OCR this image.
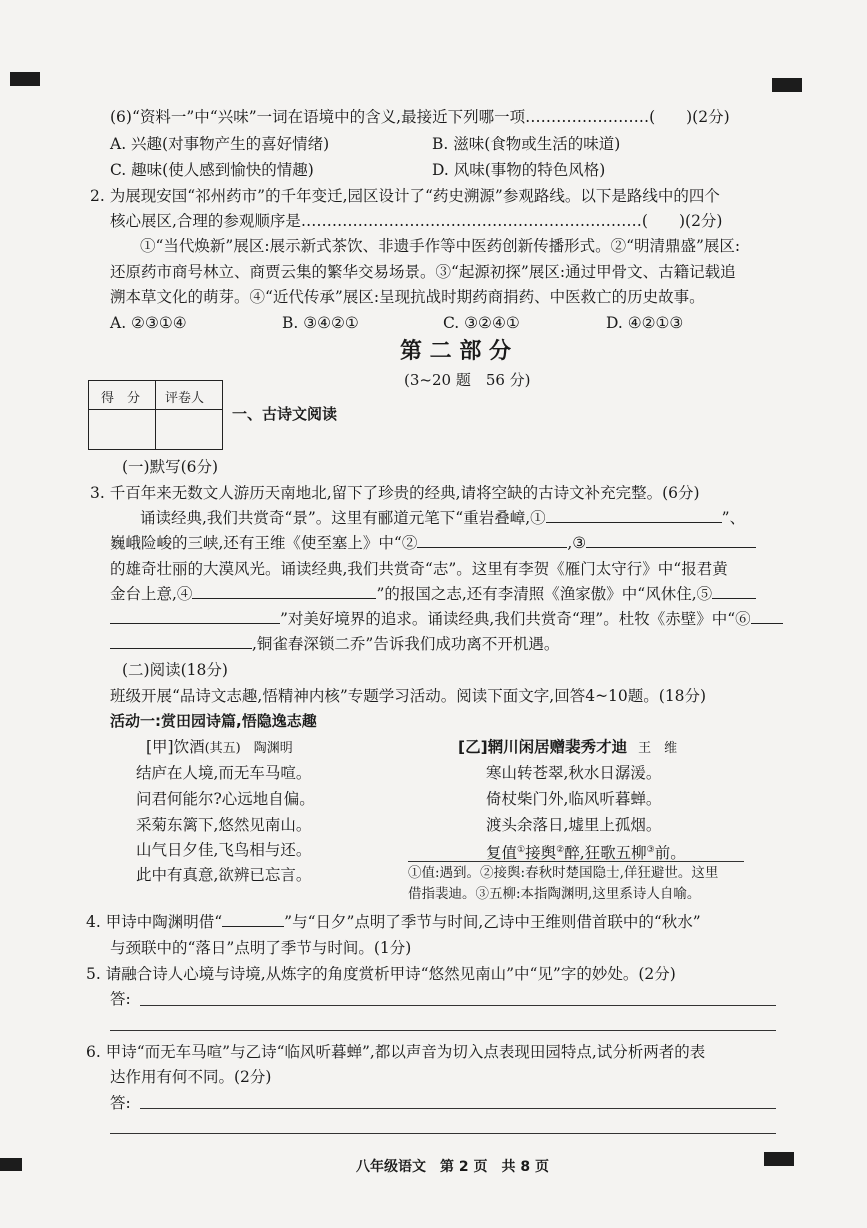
(6)“资料一”中“兴味”一词在语境中的含义,最接近下列哪一项……………………(　　)(2分)
A. 兴趣(对事物产生的喜好情绪)	B. 滋味(食物或生活的味道)
C. 趣味(使人感到愉快的情趣)	D. 风味(事物的特色风格)
2. 为展现安国“祁州药市”的千年变迁,园区设计了“药史溯源”参观路线。以下是路线中的四个
核心展区,合理的参观顺序是…………………………………………………………(　　)(2分)
①“当代焕新”展区:展示新式茶饮、非遗手作等中医药创新传播形式。②“明清鼎盛”展区:
还原药市商号林立、商贾云集的繁华交易场景。③“起源初探”展区:通过甲骨文、古籍记载追
溯本草文化的萌芽。④“近代传承”展区:呈现抗战时期药商捐药、中医救亡的历史故事。
A. ②③①④	B. ③④②①	C. ③②④①	D. ④②①③
第 二 部 分
(3~20 题　56 分)
得　分 评卷人
一、古诗文阅读
(一)默写(6分)
3. 千百年来无数文人游历天南地北,留下了珍贵的经典,请将空缺的古诗文补充完整。(6分)
诵读经典,我们共赏奇“景”。这里有郦道元笔下“重岩叠嶂,①	”、
巍峨险峻的三峡,还有王维《使至塞上》中“②	,③
的雄奇壮丽的大漠风光。诵读经典,我们共赏奇“志”。这里有李贺《雁门太守行》中“报君黄
金台上意,④	”的报国之志,还有李清照《渔家傲》中“风休住,⑤
”对美好境界的追求。诵读经典,我们共赏奇“理”。杜牧《赤壁》中“⑥
,铜雀春深锁二乔”告诉我们成功离不开机遇。
(二)阅读(18分)
班级开展“品诗文志趣,悟精神内核”专题学习活动。阅读下面文字,回答4~10题。(18分)
活动一:赏田园诗篇,悟隐逸志趣
[甲]饮酒(其五) 陶渊明
结庐在人境,而无车马喧。
问君何能尔?心远地自偏。
采菊东篱下,悠然见南山。
山气日夕佳,飞鸟相与还。
此中有真意,欲辨已忘言。
[乙]辋川闲居赠裴秀才迪 王　维
寒山转苍翠,秋水日潺湲。
倚杖柴门外,临风听暮蝉。
渡头余落日,墟里上孤烟。
复值①接舆②醉,狂歌五柳③前。
①值:遇到。②接舆:春秋时楚国隐士,佯狂避世。这里
借指裴迪。③五柳:本指陶渊明,这里系诗人自喻。
4. 甲诗中陶渊明借“	”与“日夕”点明了季节与时间,乙诗中王维则借首联中的“秋水”
与颈联中的“落日”点明了季节与时间。(1分)
5. 请融合诗人心境与诗境,从炼字的角度赏析甲诗“悠然见南山”中“见”字的妙处。(2分)
答:
6. 甲诗“而无车马喧”与乙诗“临风听暮蝉”,都以声音为切入点表现田园特点,试分析两者的表
达作用有何不同。(2分)
答:
八年级语文　第 2 页　共 8 页
